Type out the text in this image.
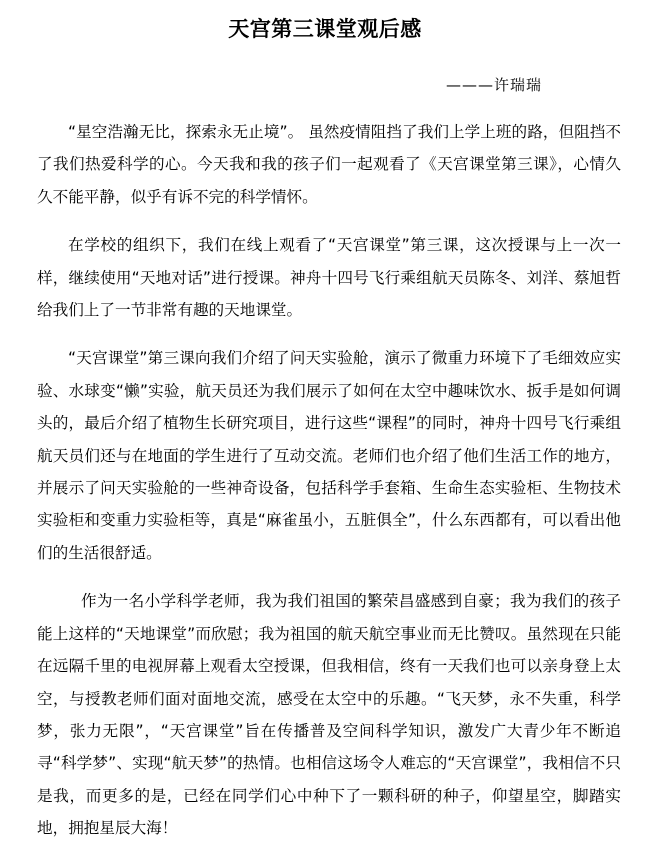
天宫第三课堂观后感
———许瑞瑞

“星空浩瀚无比，探索永无止境”。 虽然疫情阻挡了我们上学上班的路，但阻挡不了我们热爱科学的心。今天我和我的孩子们一起观看了《天宫课堂第三课》，心情久久不能平静，似乎有诉不完的科学情怀。

在学校的组织下，我们在线上观看了“天宫课堂”第三课，这次授课与上一次一样，继续使用“天地对话”进行授课。神舟十四号飞行乘组航天员陈冬、刘洋、蔡旭哲给我们上了一节非常有趣的天地课堂。

“天宫课堂”第三课向我们介绍了问天实验舱，演示了微重力环境下了毛细效应实验、水球变“懒”实验，航天员还为我们展示了如何在太空中趣味饮水、扳手是如何调头的，最后介绍了植物生长研究项目，进行这些“课程”的同时，神舟十四号飞行乘组航天员们还与在地面的学生进行了互动交流。老师们也介绍了他们生活工作的地方，并展示了问天实验舱的一些神奇设备，包括科学手套箱、生命生态实验柜、生物技术实验柜和变重力实验柜等，真是“麻雀虽小，五脏俱全”，什么东西都有，可以看出他们的生活很舒适。

作为一名小学科学老师，我为我们祖国的繁荣昌盛感到自豪；我为我们的孩子能上这样的“天地课堂”而欣慰；我为祖国的航天航空事业而无比赞叹。虽然现在只能在远隔千里的电视屏幕上观看太空授课，但我相信，终有一天我们也可以亲身登上太空，与授教老师们面对面地交流，感受在太空中的乐趣。“飞天梦，永不失重，科学梦，张力无限”，“天宫课堂”旨在传播普及空间科学知识，激发广大青少年不断追寻“科学梦”、实现“航天梦”的热情。也相信这场令人难忘的“天宫课堂”，我相信不只是我，而更多的是，已经在同学们心中种下了一颗科研的种子，仰望星空，脚踏实地，拥抱星辰大海！
